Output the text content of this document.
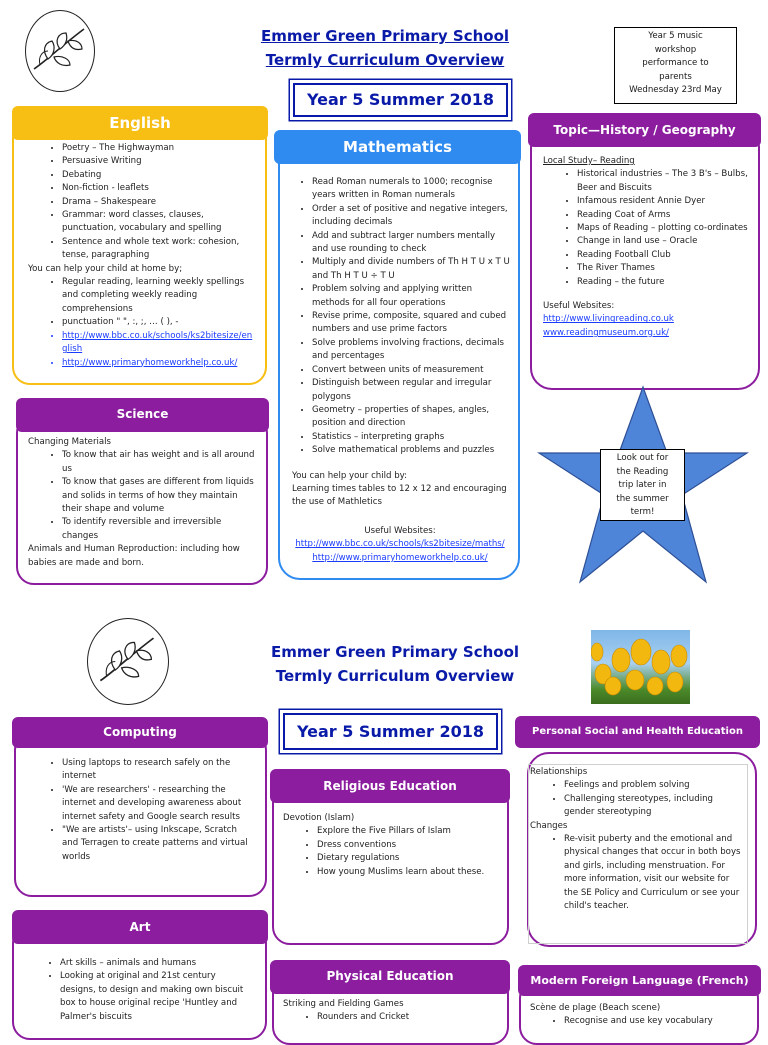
Emmer Green Primary School
Termly Curriculum Overview
Year 5 Summer 2018
Year 5 music
workshop
performance to
parents
Wednesday 23rd May
English
• Poetry – The Highwayman
• Persuasive Writing
• Debating
• Non-fiction - leaflets
• Drama – Shakespeare
• Grammar: word classes, clauses, punctuation, vocabulary and spelling
• Sentence and whole text work: cohesion, tense, paragraphing

You can help your child at home by;

• Regular reading, learning weekly spellings and completing weekly reading comprehensions
• punctuation " ", :, ;, … ( ), -
• http://www.bbc.co.uk/schools/ks2bitesize/english
• http://www.primaryhomeworkhelp.co.uk/
Science

Changing Materials

• To know that air has weight and is all around us
• To know that gases are different from liquids and solids in terms of how they maintain their shape and volume
• To identify reversible and irreversible changes

Animals and Human Reproduction: including how babies are made and born.

Mathematics
• Read Roman numerals to 1000; recognise years written in Roman numerals
• Order a set of positive and negative integers, including decimals
• Add and subtract larger numbers mentally and use rounding to check
• Multiply and divide numbers of Th H T U x T U and Th H T U ÷ T U
• Problem solving and applying written methods for all four operations
• Revise prime, composite, squared and cubed numbers and use prime factors
• Solve problems involving fractions, decimals and percentages
• Convert between units of measurement
• Distinguish between regular and irregular polygons
• Geometry – properties of shapes, angles, position and direction
• Statistics – interpreting graphs
• Solve mathematical problems and puzzles

You can help your child by:

Learning times tables to 12 x 12 and encouraging the use of Mathletics

Useful Websites:

http://www.bbc.co.uk/schools/ks2bitesize/maths/

http://www.primaryhomeworkhelp.co.uk/

Topic—History / Geography

Local Study– Reading

• Historical industries – The 3 B's – Bulbs, Beer and Biscuits
• Infamous resident Annie Dyer
• Reading Coat of Arms
• Maps of Reading – plotting co-ordinates
• Change in land use – Oracle
• Reading Football Club
• The River Thames
• Reading – the future

Useful Websites:

http://www.livingreading.co.uk

www.readingmuseum.org.uk/

Look out for
the Reading
trip later in
the summer
term!
Emmer Green Primary School
Termly Curriculum Overview
Year 5 Summer 2018
Computing
• Using laptops to research safely on the internet
• 'We are researchers' - researching the internet and developing awareness about internet safety and Google search results
• "We are artists'– using Inkscape, Scratch and Terragen to create patterns and virtual worlds
Religious Education

Devotion (Islam)

• Explore the Five Pillars of Islam
• Dress conventions
• Dietary regulations
• How young Muslims learn about these.
Personal Social and Health Education

Relationships

• Feelings and problem solving
• Challenging stereotypes, including gender stereotyping

Changes

• Re-visit puberty and the emotional and physical changes that occur in both boys and girls, including menstruation. For more information, visit our website for the SE Policy and Curriculum or see your child's teacher.
Art
• Art skills – animals and humans
• Looking at original and 21st century designs, to design and making own biscuit box to house original recipe 'Huntley and Palmer's biscuits
Physical Education

Striking and Fielding Games

• Rounders and Cricket
Modern Foreign Language (French)

Scène de plage (Beach scene)

• Recognise and use key vocabulary
